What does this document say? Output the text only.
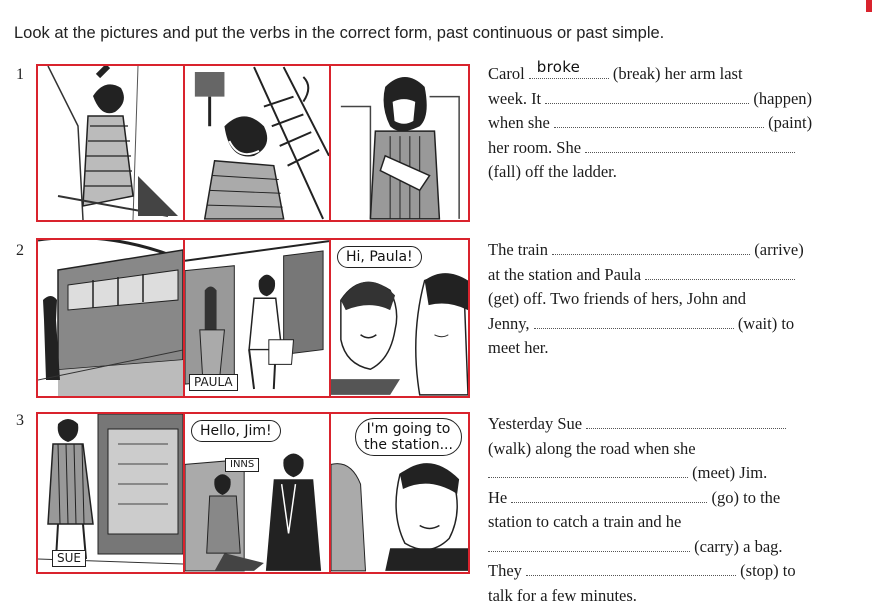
Look at the pictures and put the verbs in the correct form, past continuous or past simple.
1	Carol broke (break) her arm last
week. It	(happen)
when she	(paint)
her room. She
(fall) off the ladder.
2
PAULA
Hi, Paula!	The train	(arrive)
at the station and Paula
(get) off. Two friends of hers, John and
Jenny,	(wait) to
meet her.
3
SUE
INNS
Hello, Jim!	I'm going to
the station...
Yesterday Sue
(walk) along the road when she
(meet) Jim.
He	(go) to the
station to catch a train and he
(carry) a bag.
They	(stop) to
talk for a few minutes.
